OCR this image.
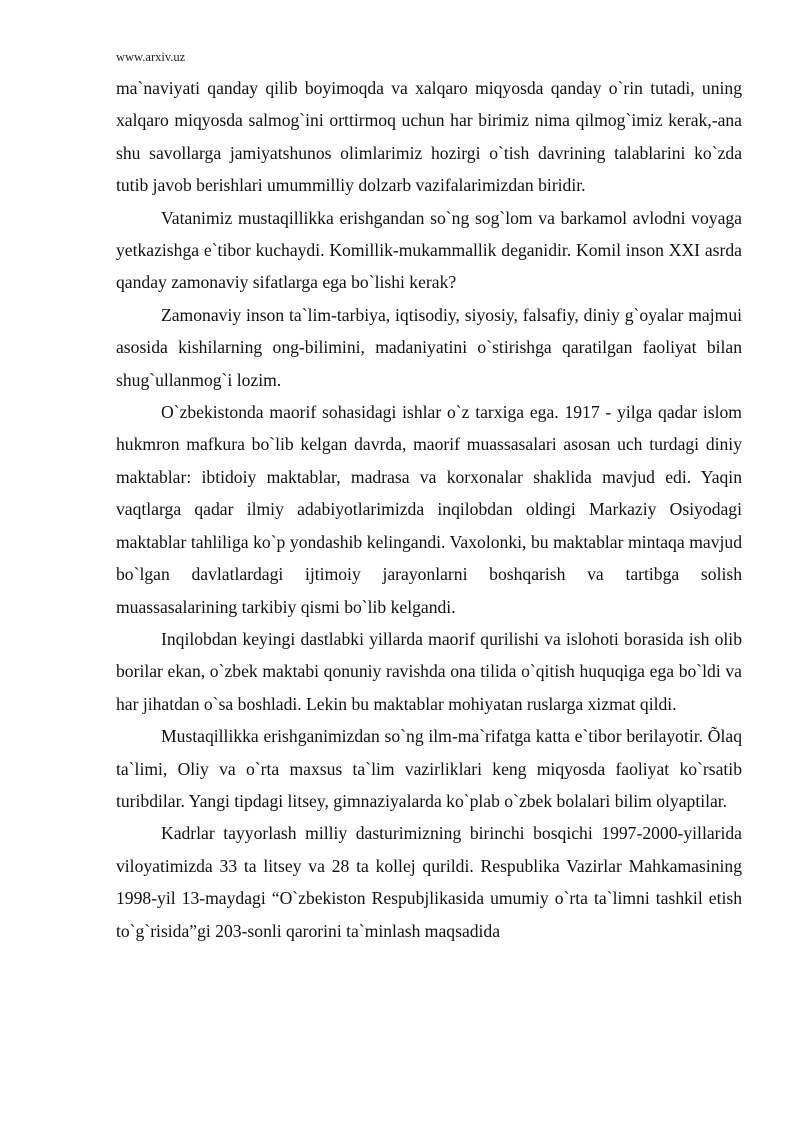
www.arxiv.uz

ma`naviyati qanday qilib boyimoqda va xalqaro miqyosda qanday o`rin tutadi, uning xalqaro miqyosda salmog`ini orttirmoq uchun har birimiz nima qilmog`imiz kerak,-ana shu savollarga jamiyatshunos olimlarimiz hozirgi o`tish davrining talablarini ko`zda tutib javob berishlari umummilliy dolzarb vazifalarimizdan biridir.

Vatanimiz mustaqillikka erishgandan so`ng sog`lom va barkamol avlodni voyaga yetkazishga e`tibor kuchaydi. Komillik-mukammallik deganidir. Komil inson XXI asrda qanday zamonaviy sifatlarga ega bo`lishi kerak?

Zamonaviy inson ta`lim-tarbiya, iqtisodiy, siyosiy, falsafiy, diniy g`oyalar majmui asosida kishilarning ong-bilimini, madaniyatini o`stirishga qaratilgan faoliyat bilan shug`ullanmog`i lozim.

O`zbekistonda maorif sohasidagi ishlar o`z tarxiga ega. 1917 - yilga qadar islom hukmron mafkura bo`lib kelgan davrda, maorif muassasalari asosan uch turdagi diniy maktablar: ibtidoiy maktablar, madrasa va korxonalar shaklida mavjud edi. Yaqin vaqtlarga qadar ilmiy adabiyotlarimizda inqilobdan oldingi Markaziy Osiyodagi maktablar tahliliga ko`p yondashib kelingandi. Vaxolonki, bu maktablar mintaqa mavjud bo`lgan davlatlardagi ijtimoiy jarayonlarni boshqarish va tartibga solish muassasalarining tarkibiy qismi bo`lib kelgandi.

Inqilobdan keyingi dastlabki yillarda maorif qurilishi va islohoti borasida ish olib borilar ekan, o`zbek maktabi qonuniy ravishda ona tilida o`qitish huquqiga ega bo`ldi va har jihatdan o`sa boshladi. Lekin bu maktablar mohiyatan ruslarga xizmat qildi.

Mustaqillikka erishganimizdan so`ng ilm-ma`rifatga katta e`tibor berilayotir. Õlaq ta`limi, Oliy va o`rta maxsus ta`lim vazirliklari keng miqyosda faoliyat ko`rsatib turibdilar. Yangi tipdagi litsey, gimnaziyalarda ko`plab o`zbek bolalari bilim olyaptilar.

Kadrlar tayyorlash milliy dasturimizning birinchi bosqichi 1997-2000-yillarida viloyatimizda 33 ta litsey va 28 ta kollej qurildi. Respublika Vazirlar Mahkamasining 1998-yil 13-maydagi “O`zbekiston Respubjlikasida umumiy o`rta ta`limni tashkil etish to`g`risida”gi 203-sonli qarorini ta`minlash maqsadida
